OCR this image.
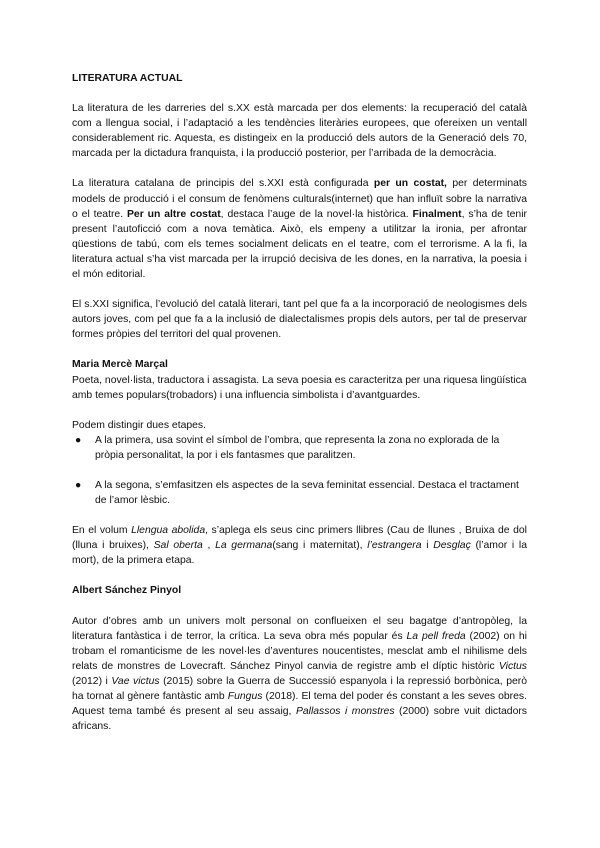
LITERATURA ACTUAL

La literatura de les darreries del s.XX està marcada per dos elements: la recuperació del català com a llengua social, i l’adaptació a les tendències literàries europees, que ofereixen un ventall considerablement ric. Aquesta, es distingeix en la producció dels autors de la Generació dels 70, marcada per la dictadura franquista, i la producció posterior, per l’arribada de la democràcia.

La literatura catalana de principis del s.XXI està configurada per un costat, per determinats models de producció i el consum de fenòmens culturals(internet) que han influït sobre la narrativa o el teatre. Per un altre costat, destaca l’auge de la novel·la històrica. Finalment, s’ha de tenir present l’autoficció com a nova temàtica. Això, els empeny a utilitzar la ironia, per afrontar qüestions de tabú, com els temes socialment delicats en el teatre, com el terrorisme. A la fi, la literatura actual s’ha vist marcada per la irrupció decisiva de les dones, en la narrativa, la poesia i el món editorial.

El s.XXI significa, l’evolució del català literari, tant pel que fa a la incorporació de neologismes dels autors joves, com pel que fa a la inclusió de dialectalismes propis dels autors, per tal de preservar formes pròpies del territori del qual provenen.

Maria Mercè Marçal

Poeta, novel·lista, traductora i assagista. La seva poesia es caracteritza per una riquesa lingüística amb temes populars(trobadors) i una influencia simbolista i d’avantguardes.

Podem distingir dues etapes.

● A la primera, usa sovint el símbol de l’ombra, que representa la zona no explorada de la pròpia personalitat, la por i els fantasmes que paralitzen.
● A la segona, s’emfasitzen els aspectes de la seva feminitat essencial. Destaca el tractament de l’amor lèsbic.

En el volum Llengua abolida, s’aplega els seus cinc primers llibres (Cau de llunes , Bruixa de dol (lluna i bruixes), Sal oberta , La germana(sang i maternitat), l’estrangera i Desglaç (l’amor i la mort), de la primera etapa.

Albert Sánchez Pinyol

Autor d’obres amb un univers molt personal on conflueixen el seu bagatge d’antropòleg, la literatura fantàstica i de terror, la crítica. La seva obra més popular és La pell freda (2002) on hi trobam el romanticisme de les novel·les d’aventures noucentistes, mesclat amb el nihilisme dels relats de monstres de Lovecraft. Sánchez Pinyol canvia de registre amb el díptic històric Victus (2012) i Vae victus (2015) sobre la Guerra de Successió espanyola i la repressió borbònica, però ha tornat al gènere fantàstic amb Fungus (2018). El tema del poder és constant a les seves obres. Aquest tema també és present al seu assaig, Pallassos i monstres (2000) sobre vuit dictadors africans.
